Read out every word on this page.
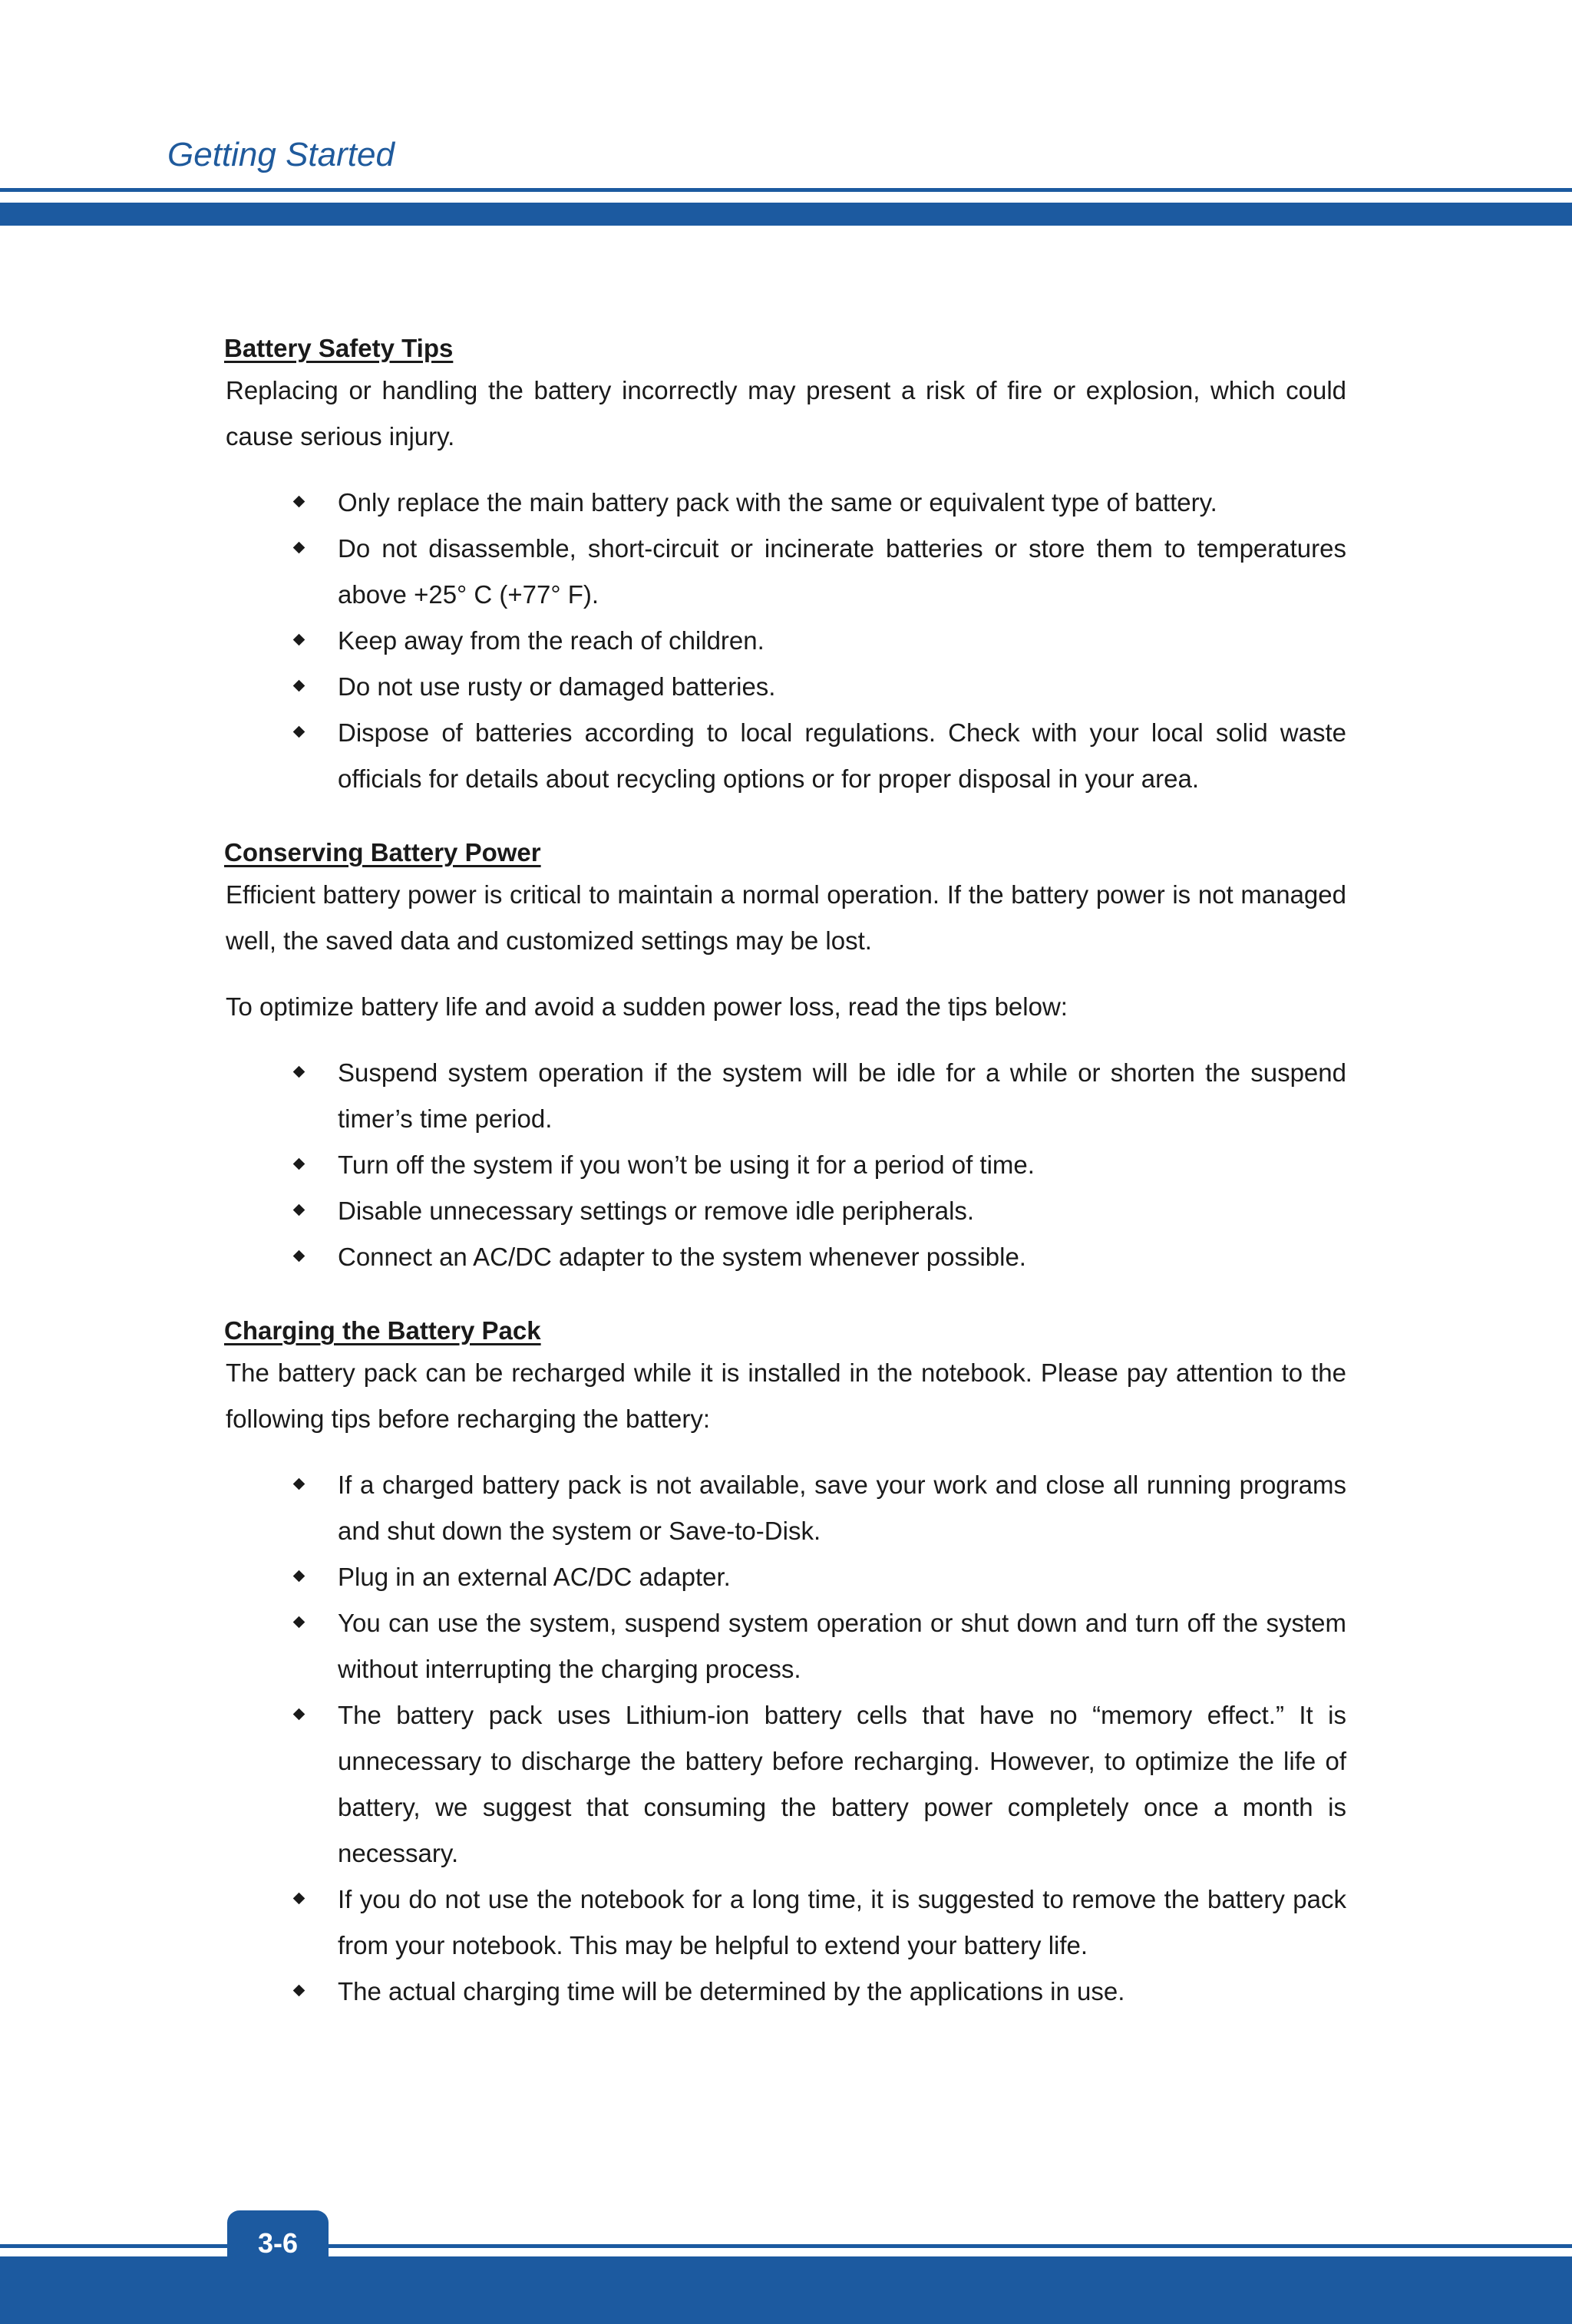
Getting Started
Battery Safety Tips

Replacing or handling the battery incorrectly may present a risk of fire or explosion, which could cause serious injury.

Only replace the main battery pack with the same or equivalent type of battery.
Do not disassemble, short-circuit or incinerate batteries or store them to temperatures above +25° C (+77° F).
Keep away from the reach of children.
Do not use rusty or damaged batteries.
Dispose of batteries according to local regulations. Check with your local solid waste officials for details about recycling options or for proper disposal in your area.
Conserving Battery Power

Efficient battery power is critical to maintain a normal operation. If the battery power is not managed well, the saved data and customized settings may be lost.

To optimize battery life and avoid a sudden power loss, read the tips below:

Suspend system operation if the system will be idle for a while or shorten the suspend timer’s time period.
Turn off the system if you won’t be using it for a period of time.
Disable unnecessary settings or remove idle peripherals.
Connect an AC/DC adapter to the system whenever possible.
Charging the Battery Pack

The battery pack can be recharged while it is installed in the notebook. Please pay attention to the following tips before recharging the battery:

If a charged battery pack is not available, save your work and close all running programs and shut down the system or Save-to-Disk.
Plug in an external AC/DC adapter.
You can use the system, suspend system operation or shut down and turn off the system without interrupting the charging process.
The battery pack uses Lithium-ion battery cells that have no “memory effect.” It is unnecessary to discharge the battery before recharging. However, to optimize the life of battery, we suggest that consuming the battery power completely once a month is necessary.
If you do not use the notebook for a long time, it is suggested to remove the battery pack from your notebook. This may be helpful to extend your battery life.
The actual charging time will be determined by the applications in use.
3-6
